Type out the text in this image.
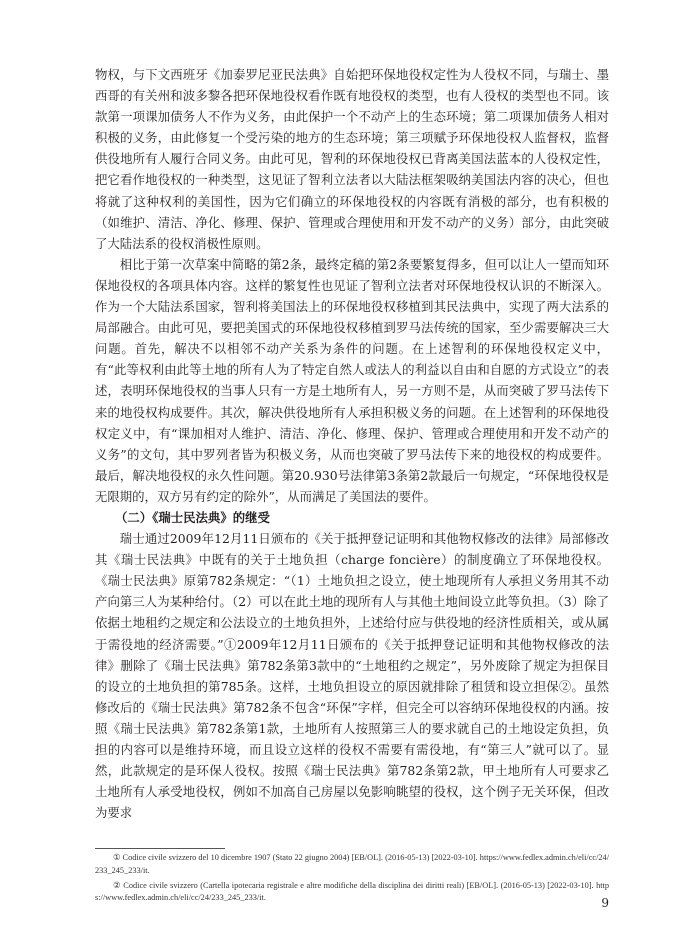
物权，与下文西班牙《加泰罗尼亚民法典》自始把环保地役权定性为人役权不同，与瑞士、墨西哥的有关州和波多黎各把环保地役权看作既有地役权的类型，也有人役权的类型也不同。该款第一项课加债务人不作为义务，由此保护一个不动产上的生态环境；第二项课加债务人相对积极的义务，由此修复一个受污染的地方的生态环境；第三项赋予环保地役权人监督权，监督供役地所有人履行合同义务。由此可见，智利的环保地役权已背离美国法蓝本的人役权定性，把它看作地役权的一种类型，这见证了智利立法者以大陆法框架吸纳美国法内容的决心，但也将就了这种权利的美国性，因为它们确立的环保地役权的内容既有消极的部分，也有积极的（如维护、清洁、净化、修理、保护、管理或合理使用和开发不动产的义务）部分，由此突破了大陆法系的役权消极性原则。

相比于第一次草案中简略的第2条，最终定稿的第2条要繁复得多，但可以让人一望而知环保地役权的各项具体内容。这样的繁复性也见证了智利立法者对环保地役权认识的不断深入。作为一个大陆法系国家，智利将美国法上的环保地役权移植到其民法典中，实现了两大法系的局部融合。由此可见，要把美国式的环保地役权移植到罗马法传统的国家，至少需要解决三大问题。首先，解决不以相邻不动产关系为条件的问题。在上述智利的环保地役权定义中，有“此等权利由此等土地的所有人为了特定自然人或法人的利益以自由和自愿的方式设立”的表述，表明环保地役权的当事人只有一方是土地所有人，另一方则不是，从而突破了罗马法传下来的地役权构成要件。其次，解决供役地所有人承担积极义务的问题。在上述智利的环保地役权定义中，有“课加相对人维护、清洁、净化、修理、保护、管理或合理使用和开发不动产的义务”的文句，其中罗列者皆为积极义务，从而也突破了罗马法传下来的地役权的构成要件。最后，解决地役权的永久性问题。第20.930号法律第3条第2款最后一句规定，“环保地役权是无限期的，双方另有约定的除外”，从而满足了美国法的要件。

（二）《瑞士民法典》的继受

瑞士通过2009年12月11日颁布的《关于抵押登记证明和其他物权修改的法律》局部修改其《瑞士民法典》中既有的关于土地负担（charge foncière）的制度确立了环保地役权。《瑞士民法典》原第782条规定：“（1）土地负担之设立，使土地现所有人承担义务用其不动产向第三人为某种给付。（2）可以在此土地的现所有人与其他土地间设立此等负担。（3）除了依据土地租约之规定和公法设立的土地负担外，上述给付应与供役地的经济性质相关，或从属于需役地的经济需要。”①2009年12月11日颁布的《关于抵押登记证明和其他物权修改的法律》删除了《瑞士民法典》第782条第3款中的“土地租约之规定”，另外废除了规定为担保目的设立的土地负担的第785条。这样，土地负担设立的原因就排除了租赁和设立担保②。虽然修改后的《瑞士民法典》第782条不包含“环保”字样，但完全可以容纳环保地役权的内涵。按照《瑞士民法典》第782条第1款，土地所有人按照第三人的要求就自己的土地设定负担，负担的内容可以是维持环境，而且设立这样的役权不需要有需役地，有“第三人”就可以了。显然，此款规定的是环保人役权。按照《瑞士民法典》第782条第2款，甲土地所有人可要求乙土地所有人承受地役权，例如不加高自己房屋以免影响眺望的役权，这个例子无关环保，但改为要求

① Codice civile svizzero del 10 dicembre 1907 (Stato 22 giugno 2004) [EB/OL]. (2016-05-13) [2022-03-10]. https://www.fedlex.admin.ch/eli/cc/24/233_245_233/it.

② Codice civile svizzero (Cartella ipotecaria registrale e altre modifiche della disciplina dei diritti reali) [EB/OL]. (2016-05-13) [2022-03-10]. https://www.fedlex.admin.ch/eli/cc/24/233_245_233/it.	9
